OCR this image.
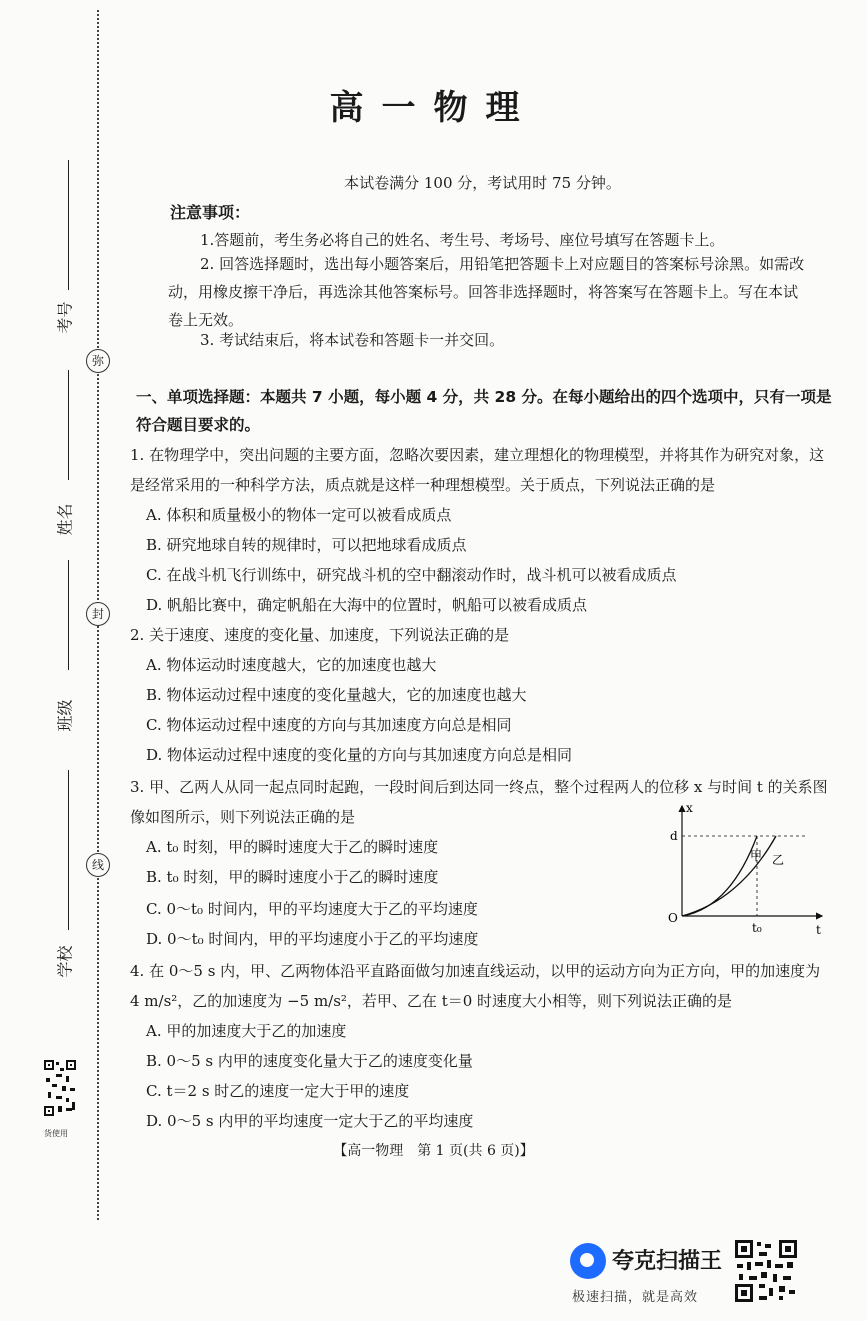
弥
封
线
考号
姓名
班级
学校
货使用
高一物理
本试卷满分 100 分，考试用时 75 分钟。
注意事项：
1.答题前，考生务必将自己的姓名、考生号、考场号、座位号填写在答题卡上。
2. 回答选择题时，选出每小题答案后，用铅笔把答题卡上对应题目的答案标号涂黑。如需改动，用橡皮擦干净后，再选涂其他答案标号。回答非选择题时，将答案写在答题卡上。写在本试卷上无效。
3. 考试结束后，将本试卷和答题卡一并交回。
一、单项选择题：本题共 7 小题，每小题 4 分，共 28 分。在每小题给出的四个选项中，只有一项是符合题目要求的。
1. 在物理学中，突出问题的主要方面，忽略次要因素，建立理想化的物理模型，并将其作为研究对象，这是经常采用的一种科学方法，质点就是这样一种理想模型。关于质点，下列说法正确的是
A. 体积和质量极小的物体一定可以被看成质点
B. 研究地球自转的规律时，可以把地球看成质点
C. 在战斗机飞行训练中，研究战斗机的空中翻滚动作时，战斗机可以被看成质点
D. 帆船比赛中，确定帆船在大海中的位置时，帆船可以被看成质点
2. 关于速度、速度的变化量、加速度，下列说法正确的是
A. 物体运动时速度越大，它的加速度也越大
B. 物体运动过程中速度的变化量越大，它的加速度也越大
C. 物体运动过程中速度的方向与其加速度方向总是相同
D. 物体运动过程中速度的变化量的方向与其加速度方向总是相同
3. 甲、乙两人从同一起点同时起跑，一段时间后到达同一终点，整个过程两人的位移 x 与时间 t 的关系图像如图所示，则下列说法正确的是
A. t₀ 时刻，甲的瞬时速度大于乙的瞬时速度
B. t₀ 时刻，甲的瞬时速度小于乙的瞬时速度
C. 0～t₀ 时间内，甲的平均速度大于乙的平均速度
D. 0～t₀ 时间内，甲的平均速度小于乙的平均速度
x
t
O
d
t₀
甲 乙
4. 在 0～5 s 内，甲、乙两物体沿平直路面做匀加速直线运动，以甲的运动方向为正方向，甲的加速度为 4 m/s²，乙的加速度为 −5 m/s²，若甲、乙在 t＝0 时速度大小相等，则下列说法正确的是
A. 甲的加速度大于乙的加速度
B. 0～5 s 内甲的速度变化量大于乙的速度变化量
C. t＝2 s 时乙的速度一定大于甲的速度
D. 0～5 s 内甲的平均速度一定大于乙的平均速度
【高一物理　第 1 页(共 6 页)】
夸克扫描王
极速扫描，就是高效
